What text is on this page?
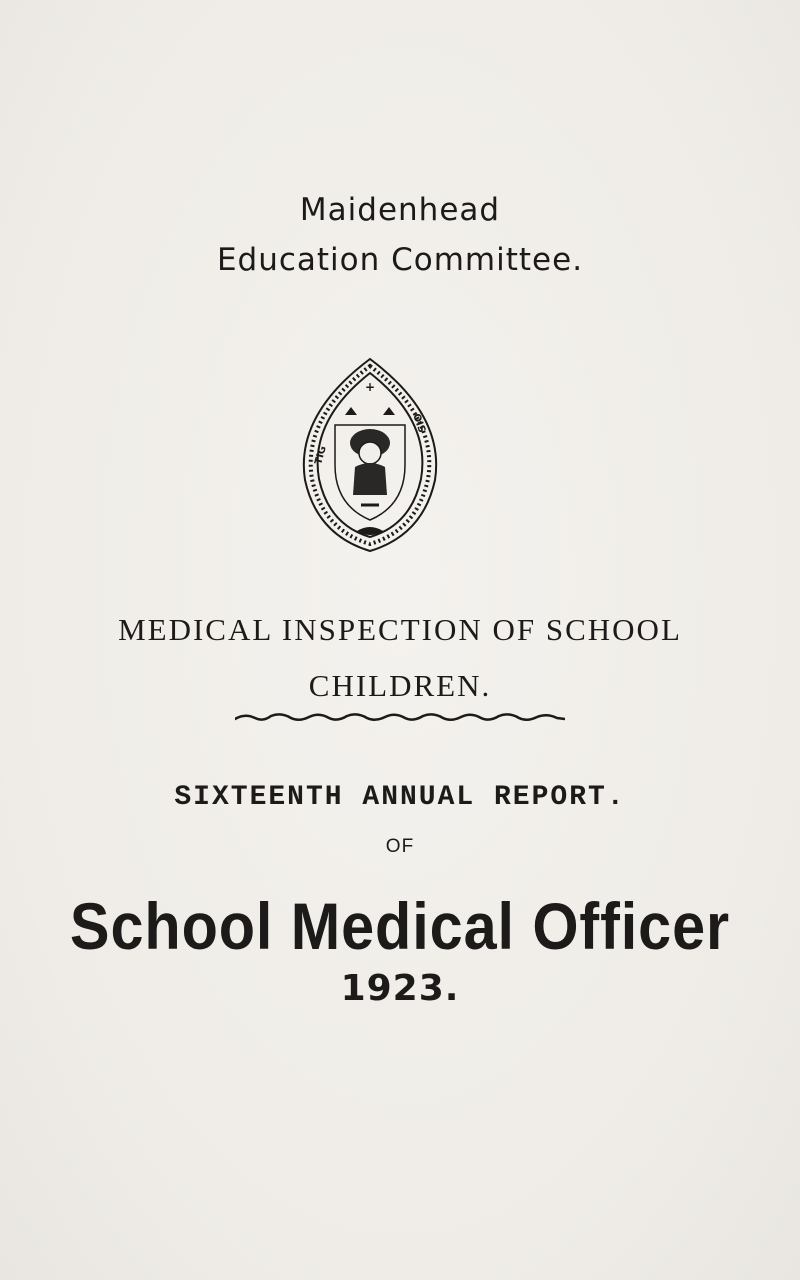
Maidenhead
Education Committee.
+
TIG
OIS
MEDICAL INSPECTION OF SCHOOL
CHILDREN.
SIXTEENTH ANNUAL REPORT.
OF
School Medical Officer
1923.
